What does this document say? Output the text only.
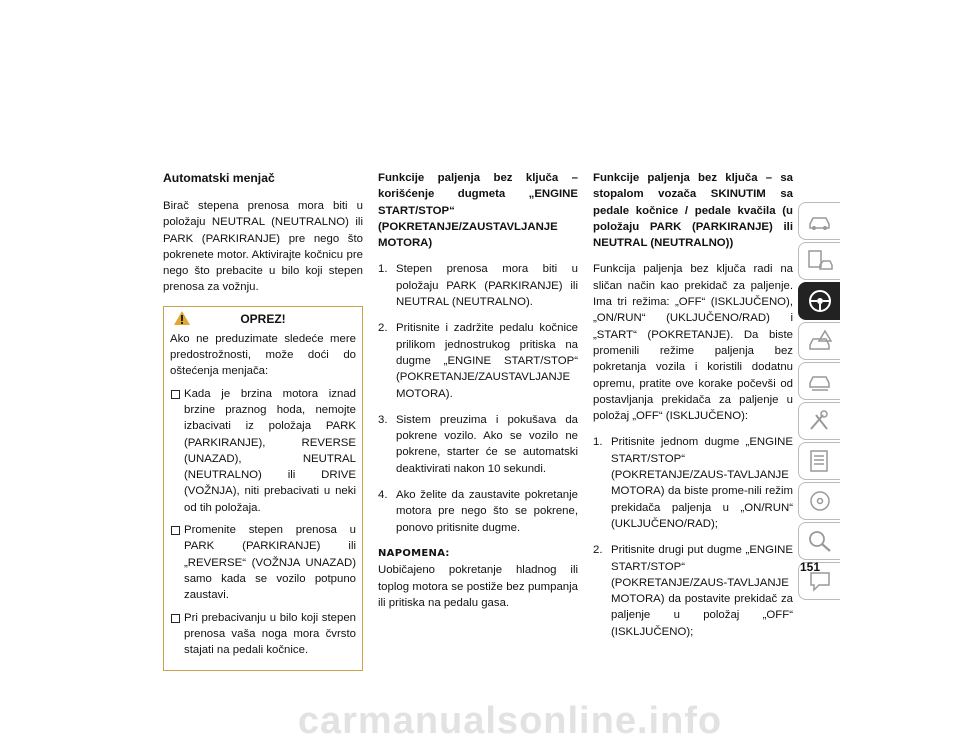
Automatski menjač

Birač stepena prenosa mora biti u položaju NEUTRAL (NEUTRALNO) ili PARK (PARKIRANJE) pre nego što pokrenete motor. Aktivirajte kočnicu pre nego što prebacite u bilo koji stepen prenosa za vožnju.

OPREZ!

Ako ne preduzimate sledeće mere predostrožnosti, može doći do oštećenja menjača:

Kada je brzina motora iznad brzine praznog hoda, nemojte izbacivati iz položaja PARK (PARKIRANJE), REVERSE (UNAZAD), NEUTRAL (NEUTRALNO) ili DRIVE (VOŽNJA), niti prebacivati u neki od tih položaja.
Promenite stepen prenosa u PARK (PARKIRANJE) ili „REVERSE“ (VOŽNJA UNAZAD) samo kada se vozilo potpuno zaustavi.
Pri prebacivanju u bilo koji stepen prenosa vaša noga mora čvrsto stajati na pedali kočnice.
Funkcije paljenja bez ključa – korišćenje dugmeta „ENGINE START/STOP“ (POKRETANJE/ZAUSTAVLJANJE MOTORA)
1. Stepen prenosa mora biti u položaju PARK (PARKIRANJE) ili NEUTRAL (NEUTRALNO).
2. Pritisnite i zadržite pedalu kočnice prilikom jednostrukog pritiska na dugme „ENGINE START/STOP“ (POKRETANJE/ZAUSTAVLJANJE MOTORA).
3. Sistem preuzima i pokušava da pokrene vozilo. Ako se vozilo ne pokrene, starter će se automatski deaktivirati nakon 10 sekundi.
4. Ako želite da zaustavite pokretanje motora pre nego što se pokrene, ponovo pritisnite dugme.
NAPOMENA:

Uobičajeno pokretanje hladnog ili toplog motora se postiže bez pumpanja ili pritiska na pedalu gasa.

Funkcije paljenja bez ključa – sa stopalom vozača SKINUTIM sa pedale kočnice / pedale kvačila (u položaju PARK (PARKIRANJE) ili NEUTRAL (NEUTRALNO))

Funkcija paljenja bez ključa radi na sličan način kao prekidač za paljenje. Ima tri režima: „OFF“ (ISKLJUČENO), „ON/RUN“ (UKLJUČENO/RAD) i „START“ (POKRETANJE). Da biste promenili režime paljenja bez pokretanja vozila i koristili dodatnu opremu, pratite ove korake počevši od postavljanja prekidača za paljenje u položaj „OFF“ (ISKLJUČENO):

1. Pritisnite jednom dugme „ENGINE START/STOP“ (POKRETANJE/ZAUS-TAVLJANJE MOTORA) da biste prome-nili režim prekidača paljenja u „ON/RUN“ (UKLJUČENO/RAD);
2. Pritisnite drugi put dugme „ENGINE START/STOP“ (POKRETANJE/ZAUS-TAVLJANJE MOTORA) da postavite prekidač za paljenje u položaj „OFF“ (ISKLJUČENO);
151
carmanualsonline.info
